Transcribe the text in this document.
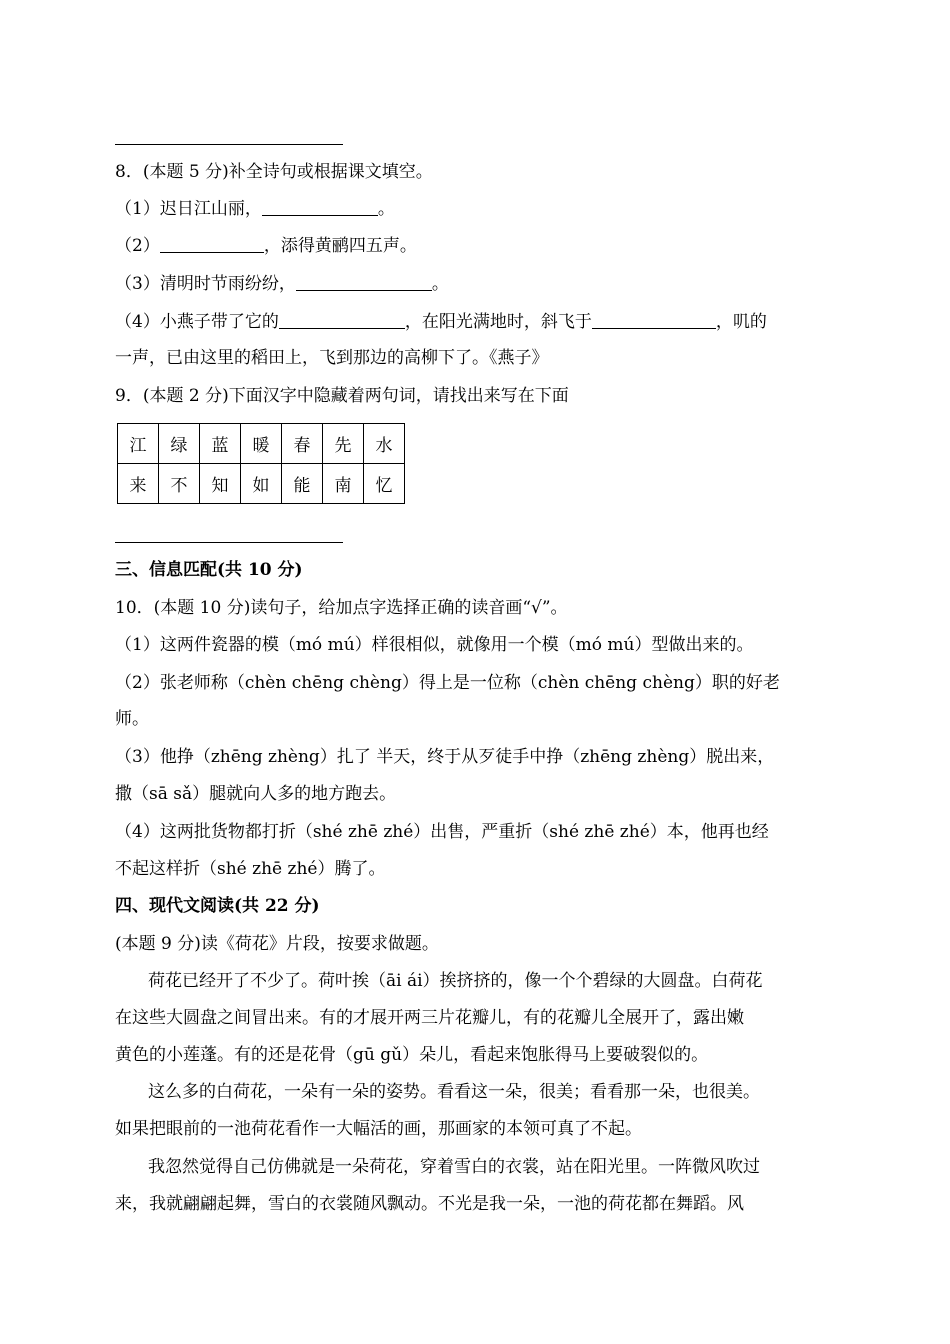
8．(本题 5 分)补全诗句或根据课文填空。
（1）迟日江山丽，	。
（2）	，添得黄鹂四五声。
（3）清明时节雨纷纷，	。
（4）小燕子带了它的	，在阳光满地时，斜飞于	，叽的
一声，已由这里的稻田上，飞到那边的高柳下了。《燕子》
9．(本题 2 分)下面汉字中隐藏着两句词，请找出来写在下面
江	绿	蓝	暖	春	先	水
来	不	知	如	能	南	忆
三、信息匹配(共 10 分)
10．(本题 10 分)读句子，给加点字选择正确的读音画“√”。
（1）这两件瓷器的模（mó mú）样很相似，就像用一个模（mó mú）型做出来的。
（2）张老师称（chèn chēng chèng）得上是一位称（chèn chēng chèng）职的好老
师。
（3）他挣（zhēng zhèng）扎了 半天，终于从歹徒手中挣（zhēng zhèng）脱出来，
撒（sā sǎ）腿就向人多的地方跑去。
（4）这两批货物都打折（shé zhē zhé）出售，严重折（shé zhē zhé）本，他再也经
不起这样折（shé zhē zhé）腾了。
四、现代文阅读(共 22 分)
(本题 9 分)读《荷花》片段，按要求做题。
荷花已经开了不少了。荷叶挨（āi ái）挨挤挤的，像一个个碧绿的大圆盘。白荷花
在这些大圆盘之间冒出来。有的才展开两三片花瓣儿，有的花瓣儿全展开了，露出嫩
黄色的小莲蓬。有的还是花骨（gū gǔ）朵儿，看起来饱胀得马上要破裂似的。
这么多的白荷花，一朵有一朵的姿势。看看这一朵，很美；看看那一朵，也很美。
如果把眼前的一池荷花看作一大幅活的画，那画家的本领可真了不起。
我忽然觉得自己仿佛就是一朵荷花，穿着雪白的衣裳，站在阳光里。一阵微风吹过
来，我就翩翩起舞，雪白的衣裳随风飘动。不光是我一朵，一池的荷花都在舞蹈。风
